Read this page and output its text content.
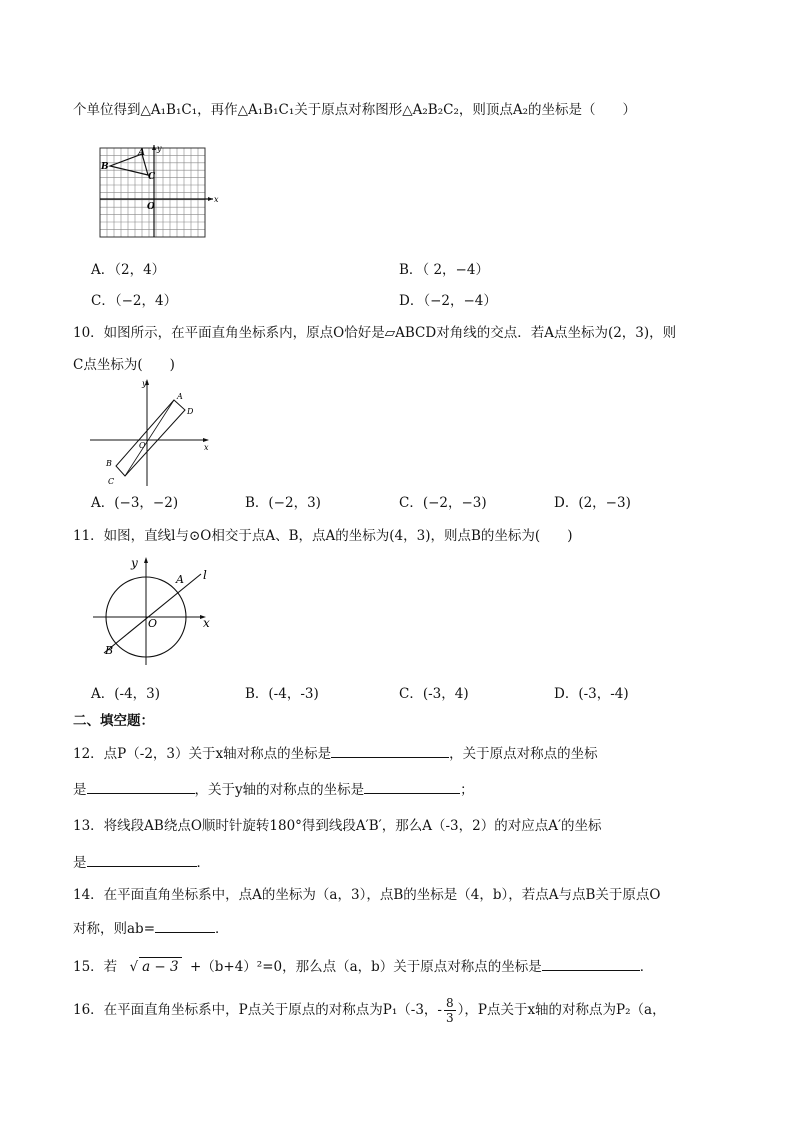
个单位得到△A₁B₁C₁，再作△A₁B₁C₁关于原点对称图形△A₂B₂C₂，则顶点A₂的坐标是（　　）
y
x
A
B
C
O
A．（2，4）	B．（ 2，−4）
C．（−2，4）	D．（−2，−4）
10．如图所示，在平面直角坐标系内，原点O恰好是▱ABCD对角线的交点．若A点坐标为(2，3)，则
C点坐标为(　　)
y
x
A
D
O
B
C
A．(−3，−2)	B．(−2，3)	C．(−2，−3)	D．(2，−3)
11．如图，直线l与⊙O相交于点A、B，点A的坐标为(4，3)，则点B的坐标为(　　)
y
x
l
A
O
B
A．(-4，3)	B．(-4，-3)	C．(-3，4)	D．(-3，-4)
二、填空题：
12．点P（-2，3）关于x轴对称点的坐标是	，关于原点对称点的坐标
是	，关于y轴的对称点的坐标是	；
13．将线段AB绕点O顺时针旋转180°得到线段A′B′，那么A（-3，2）的对应点A′的坐标
是	．
14．在平面直角坐标系中，点A的坐标为（a，3），点B的坐标是（4，b），若点A与点B关于原点O
对称，则ab=	．
15．若 √ a − 3 +（b+4）²=0，那么点（a，b）关于原点对称点的坐标是	．
16．在平面直角坐标系中，P点关于原点的对称点为P₁（-3，- $\frac{8}{3}$ ），P点关于x轴的对称点为P₂（a，
